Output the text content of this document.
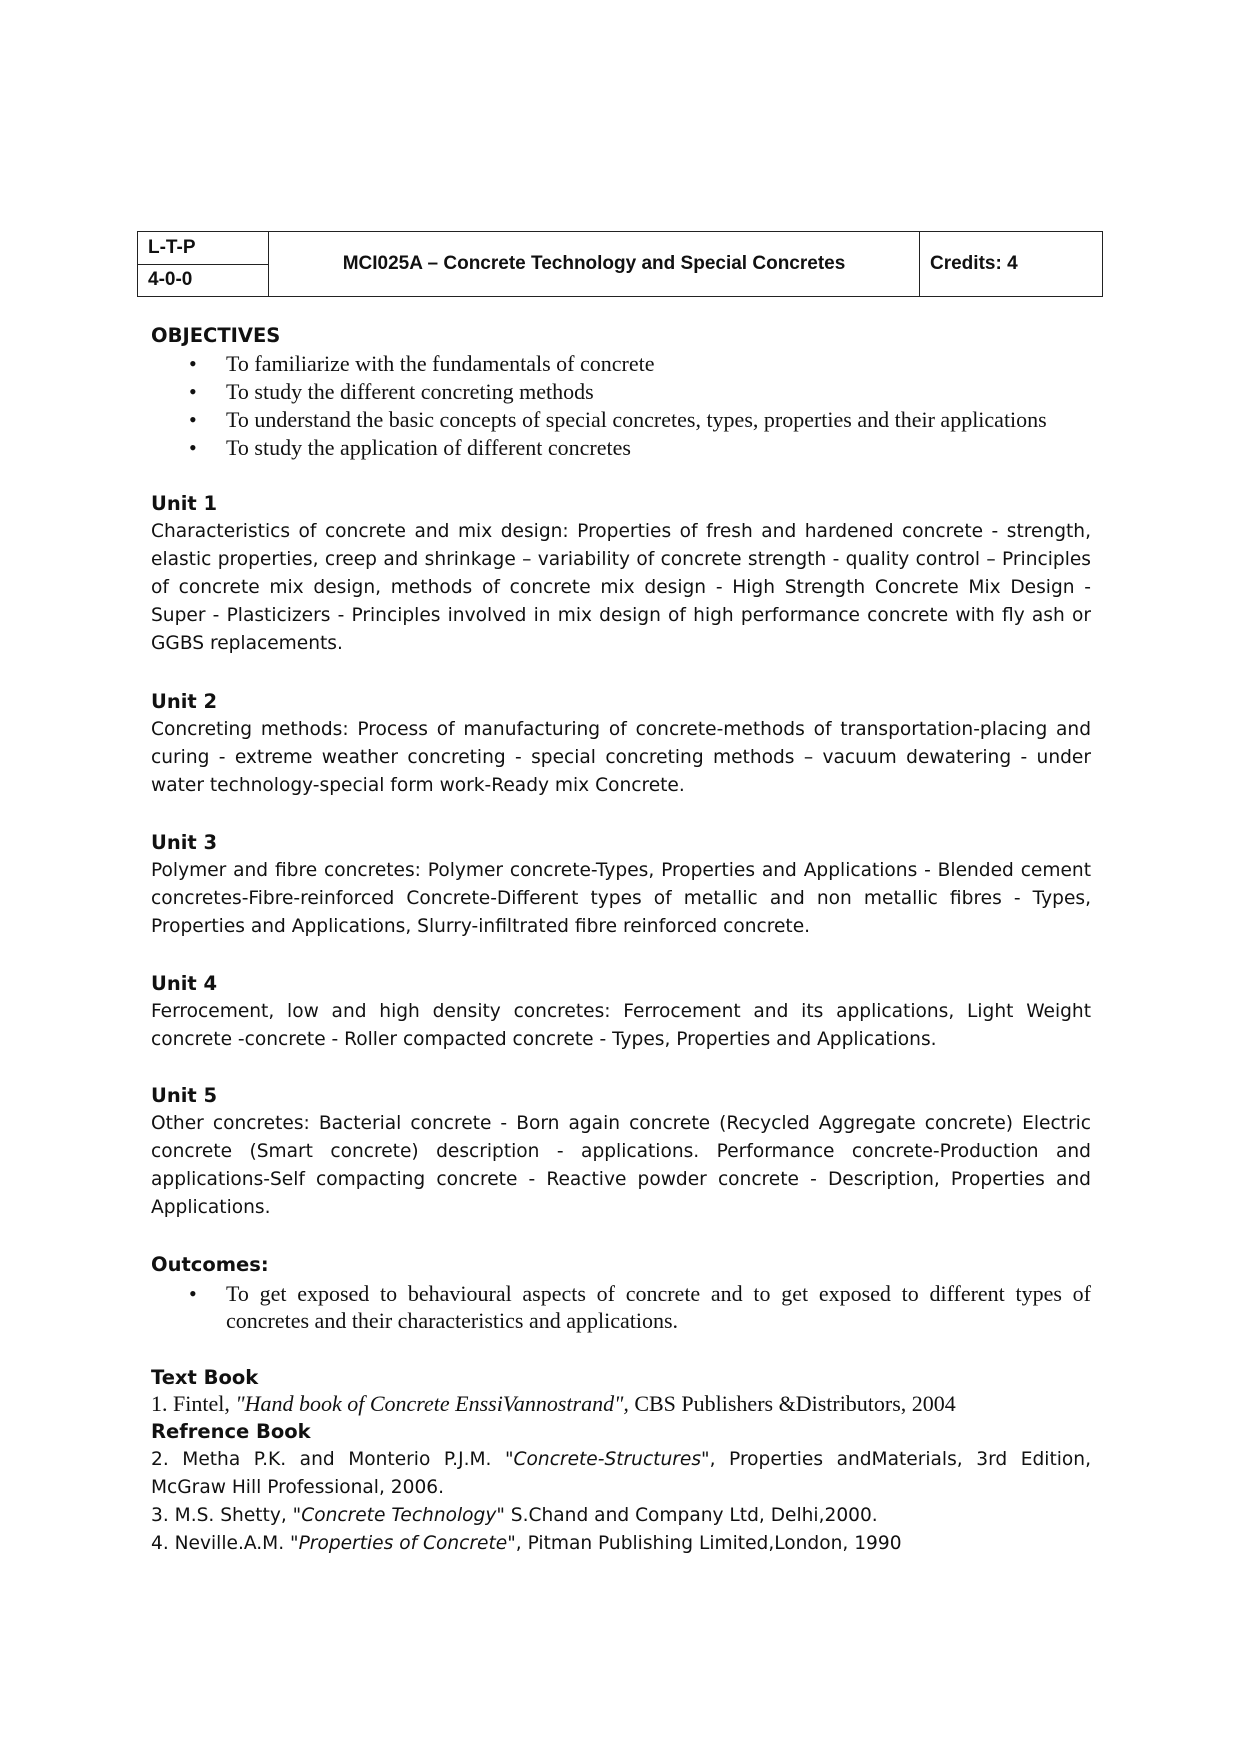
L-T-P	MCI025A – Concrete Technology and Special Concretes	Credits: 4
4-0-0
OBJECTIVES
• To familiarize with the fundamentals of concrete
• To study the different concreting methods
• To understand the basic concepts of special concretes, types, properties and their applications
• To study the application of different concretes
Unit 1

Characteristics of concrete and mix design: Properties of fresh and hardened concrete - strength, elastic properties, creep and shrinkage – variability of concrete strength - quality control – Principles of concrete mix design, methods of concrete mix design - High Strength Concrete Mix Design - Super - Plasticizers - Principles involved in mix design of high performance concrete with fly ash or GGBS replacements.

Unit 2

Concreting methods: Process of manufacturing of concrete-methods of transportation-placing and curing - extreme weather concreting - special concreting methods – vacuum dewatering - under water technology-special form work-Ready mix Concrete.

Unit 3

Polymer and fibre concretes: Polymer concrete-Types, Properties and Applications - Blended cement concretes-Fibre-reinforced Concrete-Different types of metallic and non metallic fibres - Types, Properties and Applications, Slurry-infiltrated fibre reinforced concrete.

Unit 4

Ferrocement, low and high density concretes: Ferrocement and its applications, Light Weight concrete -concrete - Roller compacted concrete - Types, Properties and Applications.

Unit 5

Other concretes: Bacterial concrete - Born again concrete (Recycled Aggregate concrete) Electric concrete (Smart concrete) description - applications. Performance concrete-Production and applications-Self compacting concrete - Reactive powder concrete - Description, Properties and Applications.

Outcomes:
• To get exposed to behavioural aspects of concrete and to get exposed to different types of concretes and their characteristics and applications.
Text Book

1. Fintel, "Hand book of Concrete EnssiVannostrand", CBS Publishers &Distributors, 2004

Refrence Book

2. Metha P.K. and Monterio P.J.M. "Concrete-Structures", Properties andMaterials, 3rd Edition, McGraw Hill Professional, 2006.

3. M.S. Shetty, "Concrete Technology" S.Chand and Company Ltd, Delhi,2000.

4. Neville.A.M. "Properties of Concrete", Pitman Publishing Limited,London, 1990
